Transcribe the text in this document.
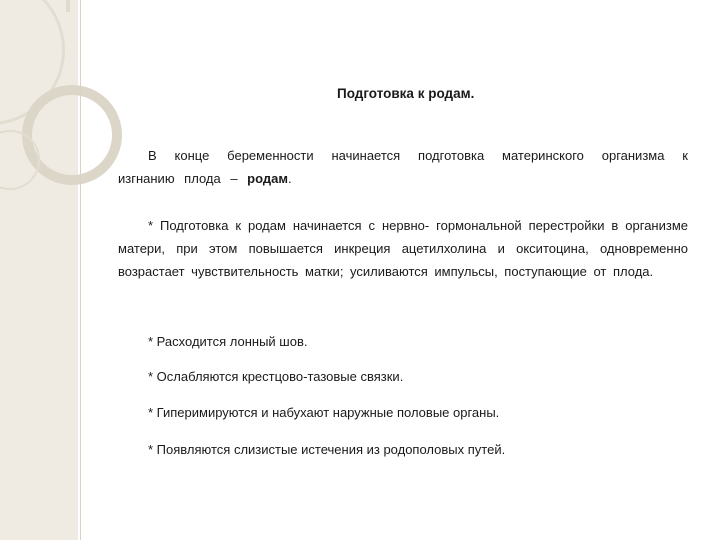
Подготовка к родам.
В конце беременности начинается подготовка материнского организма к изгнанию плода – родам.
* Подготовка к родам начинается с нервно- гормональной перестройки в организме матери, при этом повышается инкреция ацетилхолина и окситоцина, одновременно возрастает чувствительность матки; усиливаются импульсы, поступающие от плода.
* Расходится лонный шов.
* Ослабляются крестцово-тазовые связки.
* Гиперимируются и набухают наружные половые органы.
* Появляются слизистые истечения из родополовых путей.
